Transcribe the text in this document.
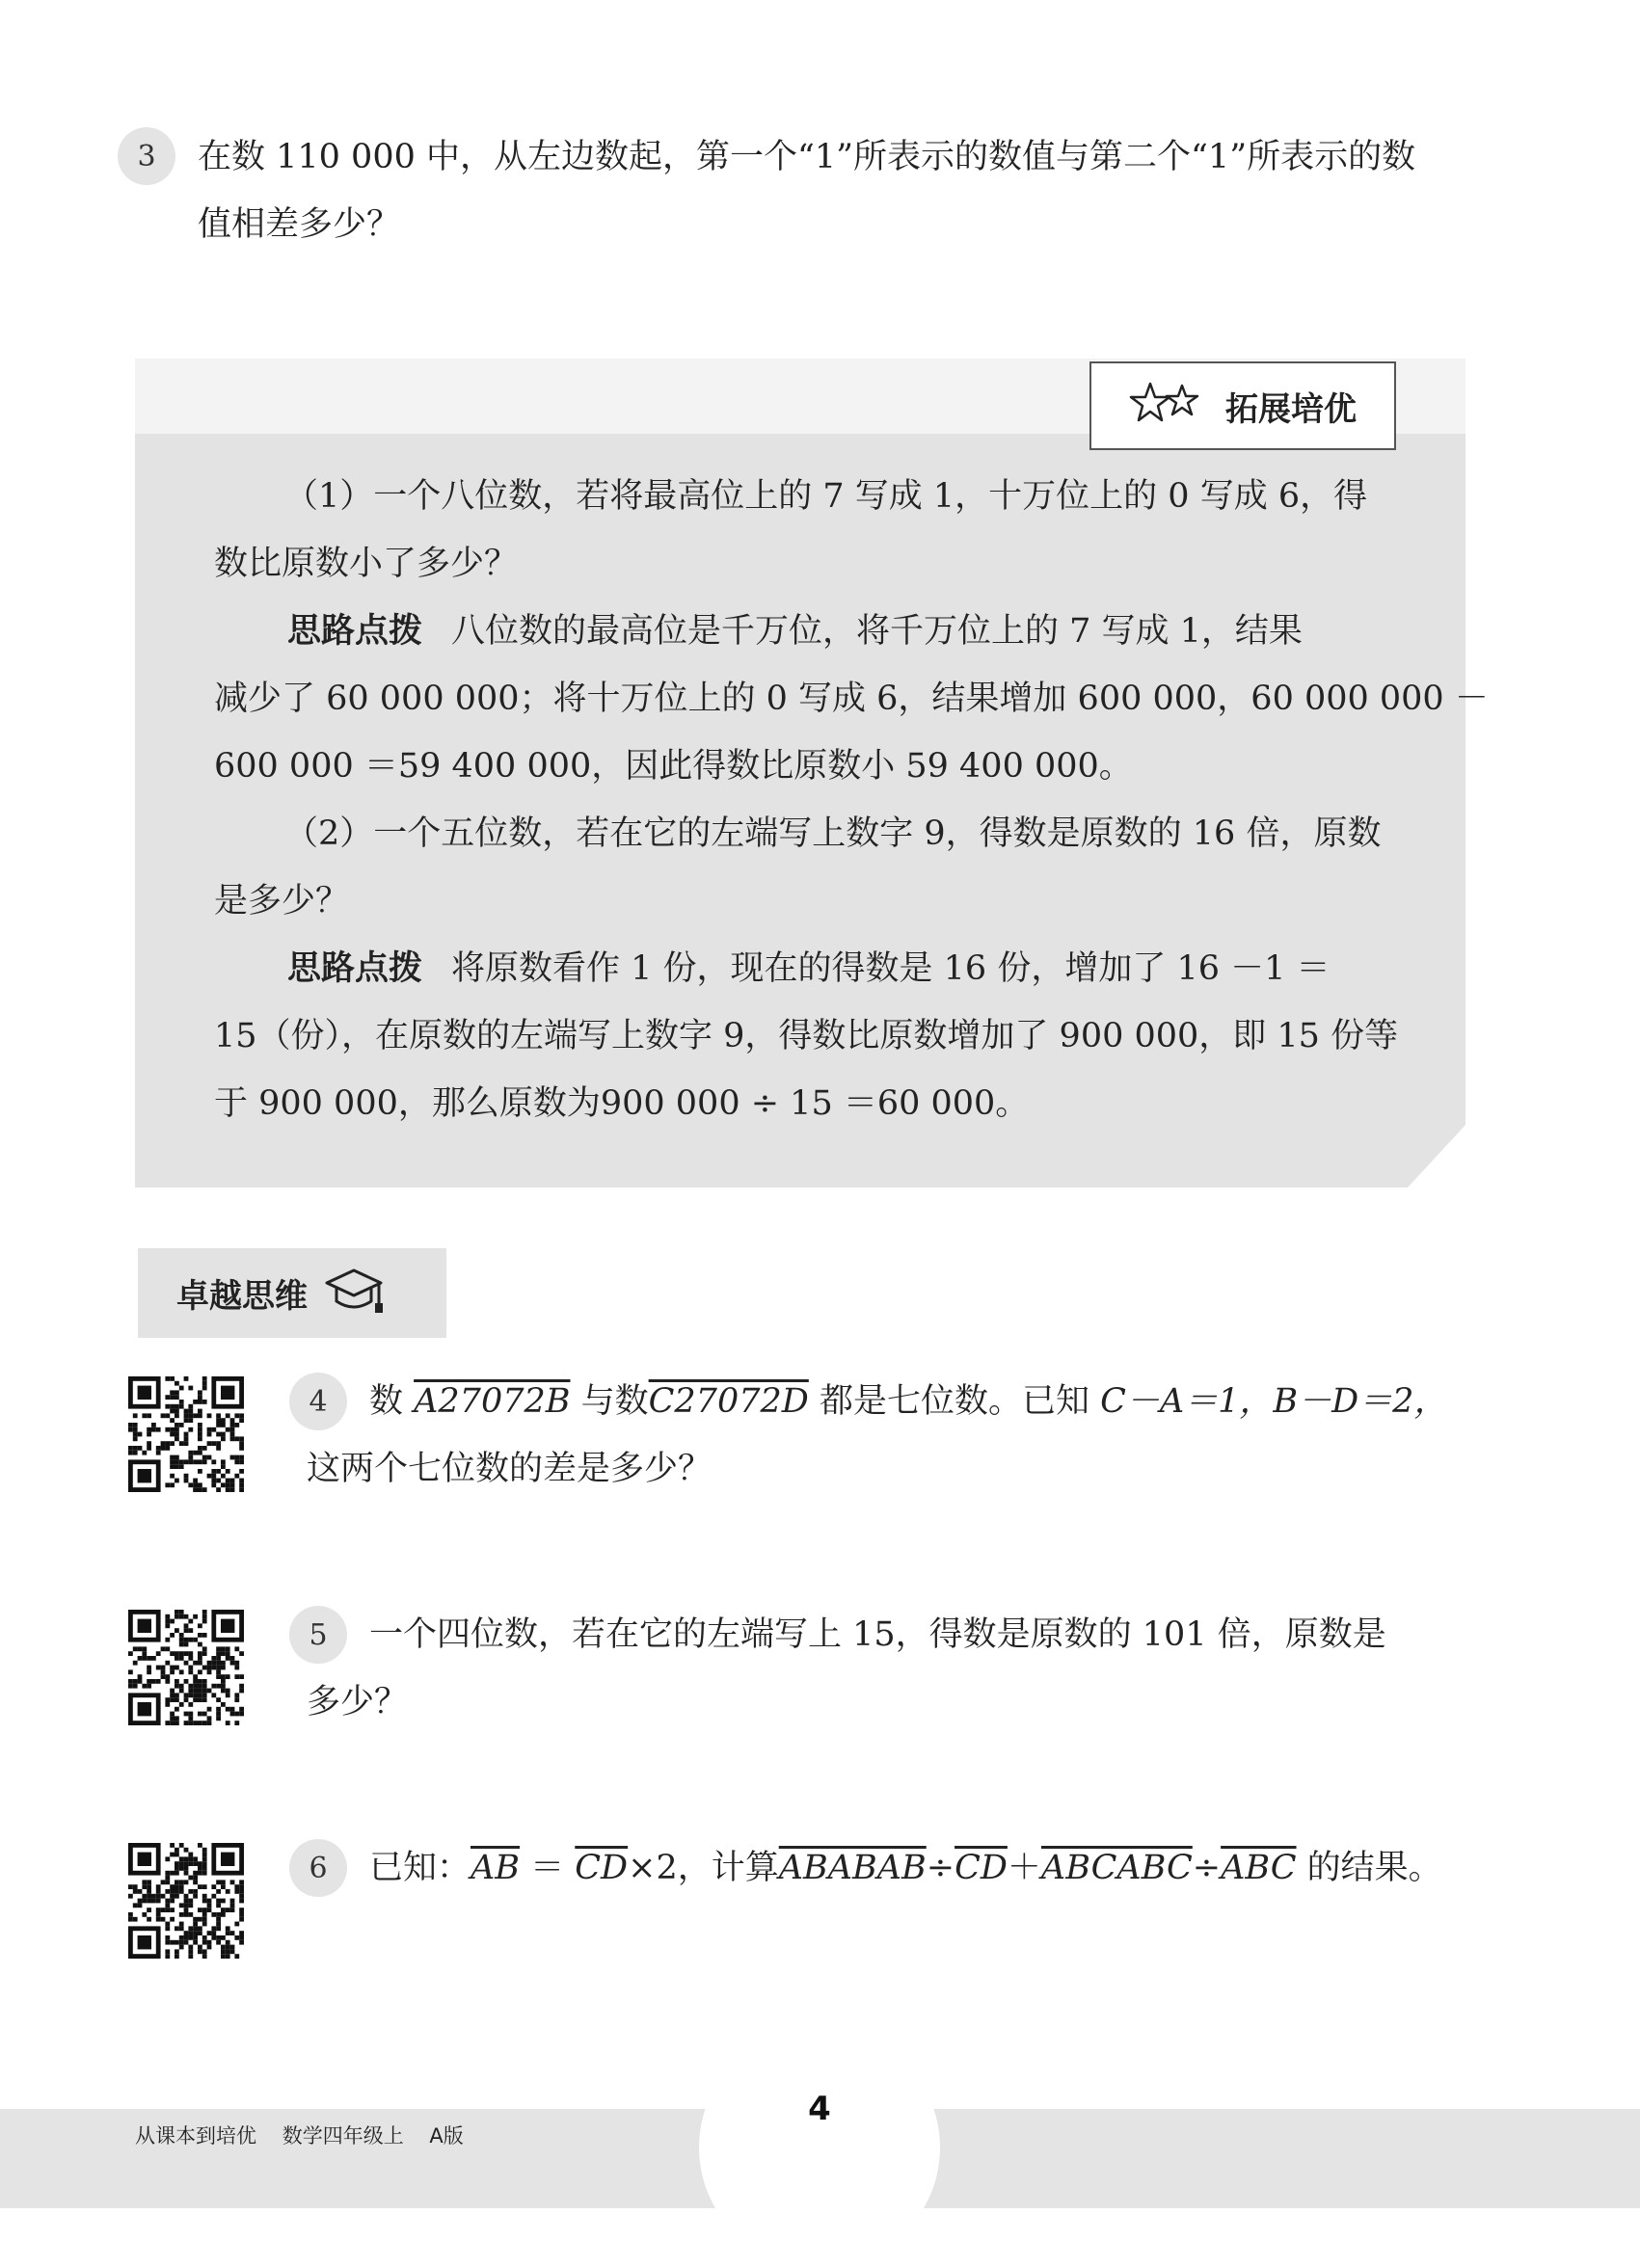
3	在数 110 000 中，从左边数起，第一个“1”所表示的数值与第二个“1”所表示的数
值相差多少？
拓展培优
（1）一个八位数，若将最高位上的 7 写成 1，十万位上的 0 写成 6，得
数比原数小了多少？
思路点拨 八位数的最高位是千万位，将千万位上的 7 写成 1，结果
减少了 60 000 000；将十万位上的 0 写成 6，结果增加 600 000，60 000 000 －
600 000 ＝59 400 000，因此得数比原数小 59 400 000。
（2）一个五位数，若在它的左端写上数字 9，得数是原数的 16 倍，原数
是多少？
思路点拨 将原数看作 1 份，现在的得数是 16 份，增加了 16 －1 ＝
15（份），在原数的左端写上数字 9，得数比原数增加了 900 000，即 15 份等
于 900 000，那么原数为900 000 ÷ 15 ＝60 000。
卓越思维
4	数 A27072B 与数C27072D 都是七位数。已知 C－A＝1，B－D＝2，
这两个七位数的差是多少？
5	一个四位数，若在它的左端写上 15，得数是原数的 101 倍，原数是
多少？
6	已知：$\overline{AB} = \overline{CD}\times 2$，计算$ABABAB\div\overline{CD}+ABCABC\div\overline{ABC}$ 的结果。
从课本到培优    数学四年级上    A版
4
